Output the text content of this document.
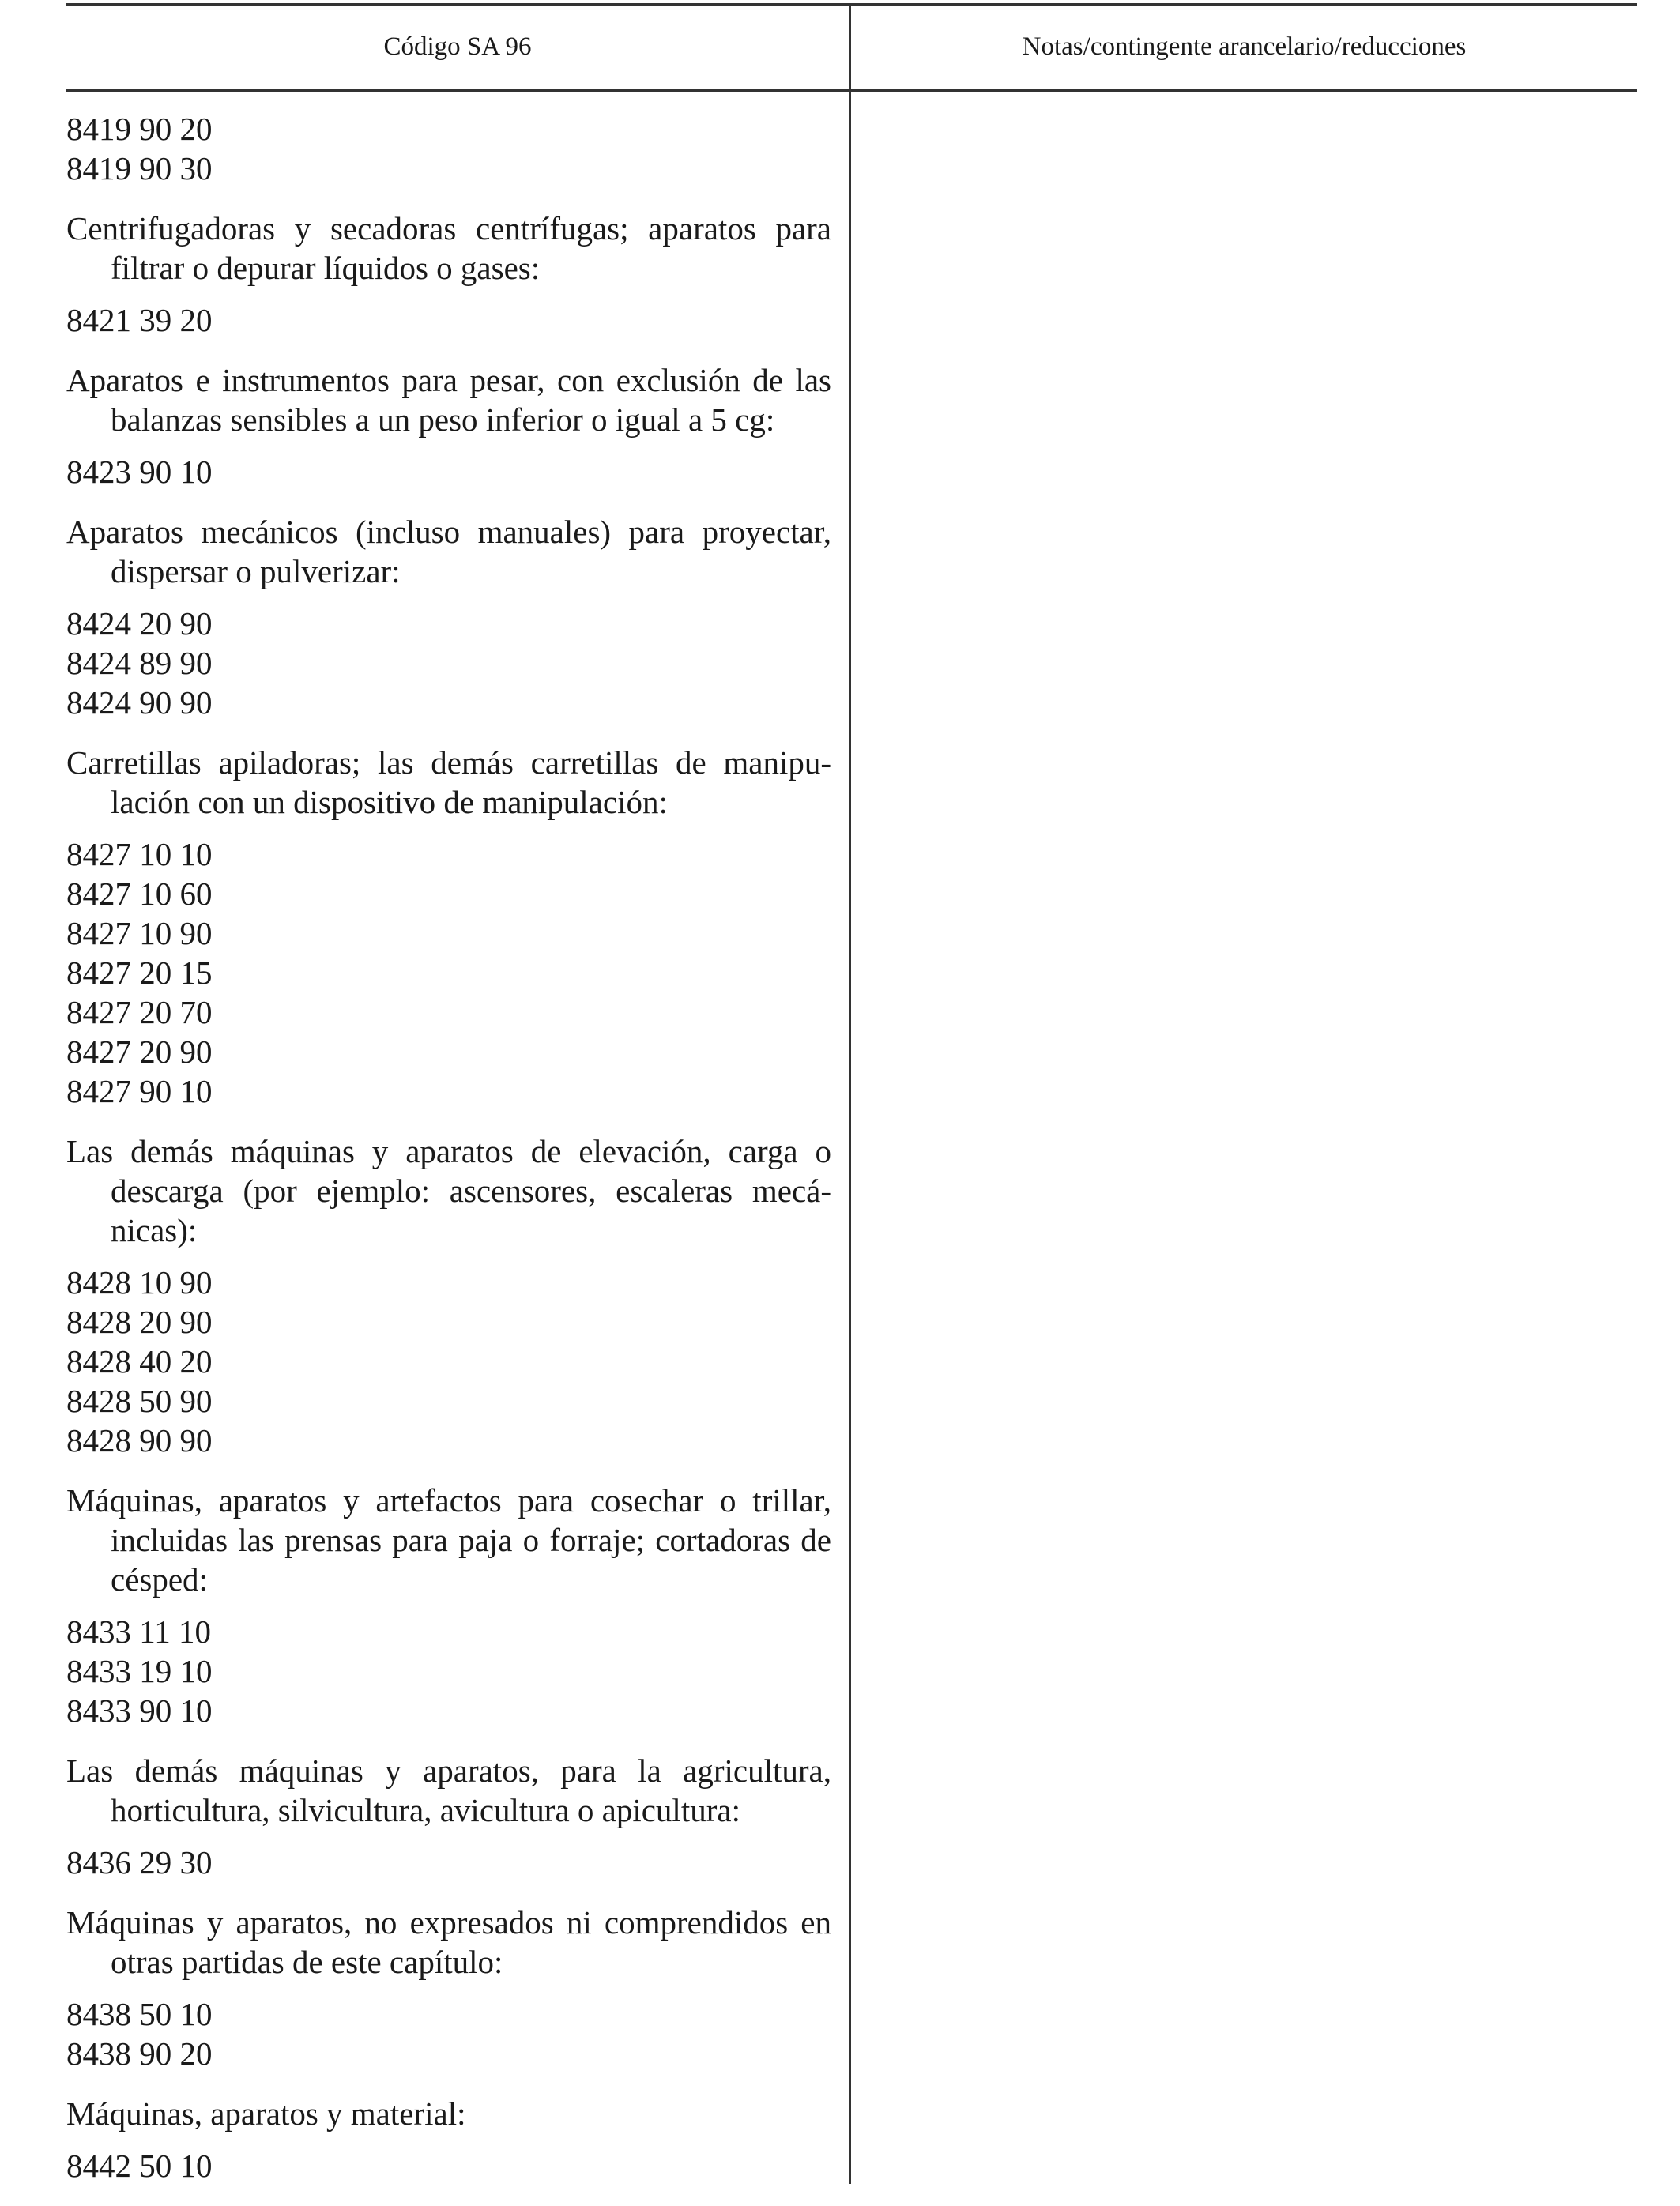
Código SA 96	Notas/contingente arancelario/reducciones
8419 90 20
8419 90 30
Centrifugadoras y secadoras centrífugas; aparatos para filtrar o depurar líquidos o gases:
8421 39 20
Aparatos e instrumentos para pesar, con exclusión de las balanzas sensibles a un peso inferior o igual a 5 cg:
8423 90 10
Aparatos mecánicos (incluso manuales) para proyectar, dispersar o pulverizar:
8424 20 90
8424 89 90
8424 90 90
Carretillas apiladoras; las demás carretillas de manipulación con un dispositivo de manipulación:
8427 10 10
8427 10 60
8427 10 90
8427 20 15
8427 20 70
8427 20 90
8427 90 10
Las demás máquinas y aparatos de elevación, carga o descarga (por ejemplo: ascensores, escaleras mecánicas):
8428 10 90
8428 20 90
8428 40 20
8428 50 90
8428 90 90
Máquinas, aparatos y artefactos para cosechar o trillar, incluidas las prensas para paja o forraje; cortadoras de césped:
8433 11 10
8433 19 10
8433 90 10
Las demás máquinas y aparatos, para la agricultura, horticultura, silvicultura, avicultura o apicultura:
8436 29 30
Máquinas y aparatos, no expresados ni comprendidos en otras partidas de este capítulo:
8438 50 10
8438 90 20
Máquinas, aparatos y material:
8442 50 10
